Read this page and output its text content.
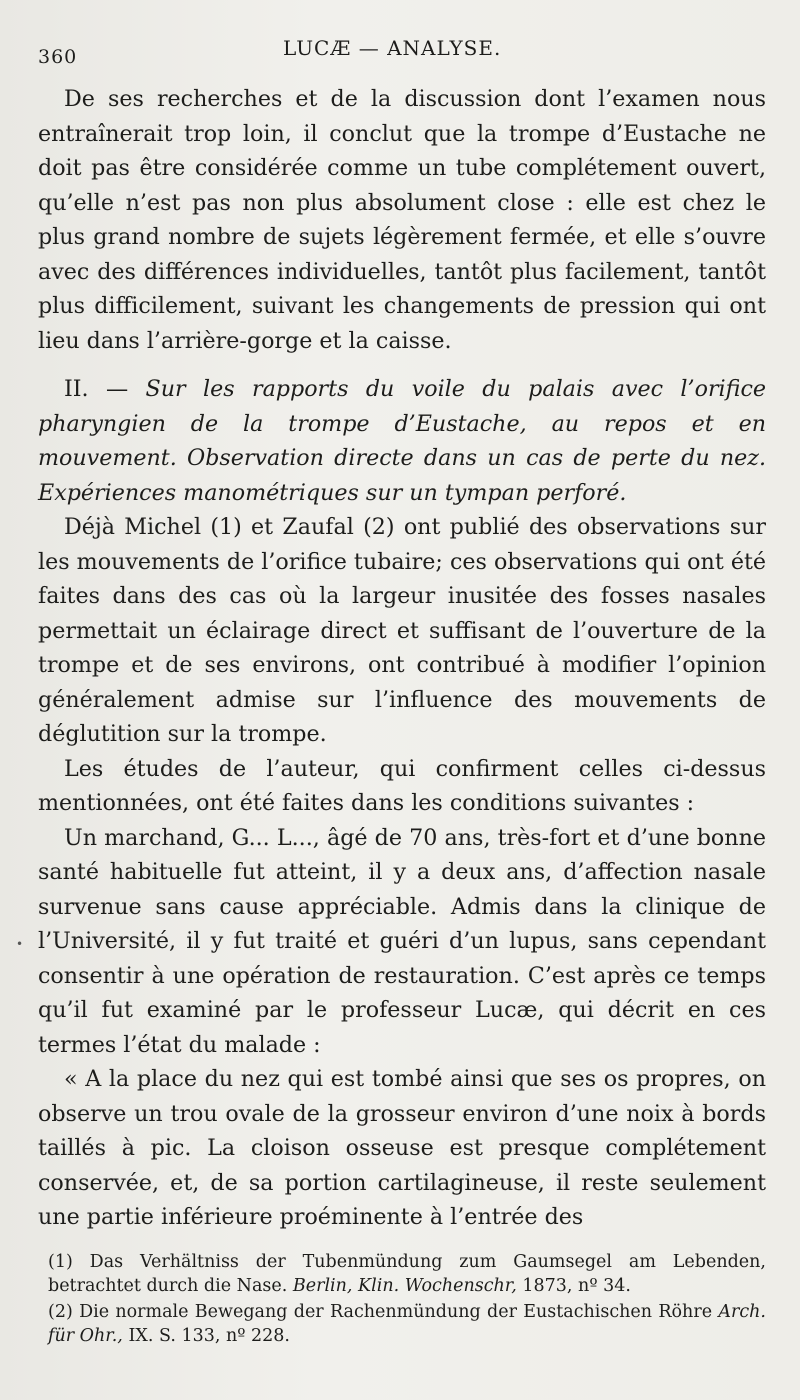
360	LUCÆ — ANALYSE.

De ses recherches et de la discussion dont l’examen nous entraînerait trop loin, il conclut que la trompe d’Eustache ne doit pas être considérée comme un tube complétement ouvert, qu’elle n’est pas non plus absolument close : elle est chez le plus grand nombre de sujets légèrement fermée, et elle s’ouvre avec des différences individuelles, tantôt plus facilement, tantôt plus difficilement, suivant les changements de pression qui ont lieu dans l’arrière-gorge et la caisse.

II. — Sur les rapports du voile du palais avec l’orifice pharyngien de la trompe d’Eustache, au repos et en mouvement. Observation directe dans un cas de perte du nez. Expériences manométriques sur un tympan perforé.

Déjà Michel (1) et Zaufal (2) ont publié des observations sur les mouvements de l’orifice tubaire; ces observations qui ont été faites dans des cas où la largeur inusitée des fosses nasales permettait un éclairage direct et suffisant de l’ouverture de la trompe et de ses environs, ont contribué à modifier l’opinion généralement admise sur l’influence des mouvements de déglutition sur la trompe.

Les études de l’auteur, qui confirment celles ci-dessus mentionnées, ont été faites dans les conditions suivantes :

Un marchand, G... L..., âgé de 70 ans, très-fort et d’une bonne santé habituelle fut atteint, il y a deux ans, d’affection nasale survenue sans cause appréciable. Admis dans la clinique de l’Université, il y fut traité et guéri d’un lupus, sans cependant consentir à une opération de restauration. C’est après ce temps qu’il fut examiné par le professeur Lucæ, qui décrit en ces termes l’état du malade :

« A la place du nez qui est tombé ainsi que ses os propres, on observe un trou ovale de la grosseur environ d’une noix à bords taillés à pic. La cloison osseuse est presque complétement conservée, et, de sa portion cartilagineuse, il reste seulement une partie inférieure proéminente à l’entrée des

•

(1) Das Verhältniss der Tubenmündung zum Gaumsegel am Lebenden, betrachtet durch die Nase. Berlin, Klin. Wochenschr, 1873, nº 34.

(2) Die normale Bewegang der Rachenmündung der Eustachischen Röhre Arch. für Ohr., IX. S. 133, nº 228.
